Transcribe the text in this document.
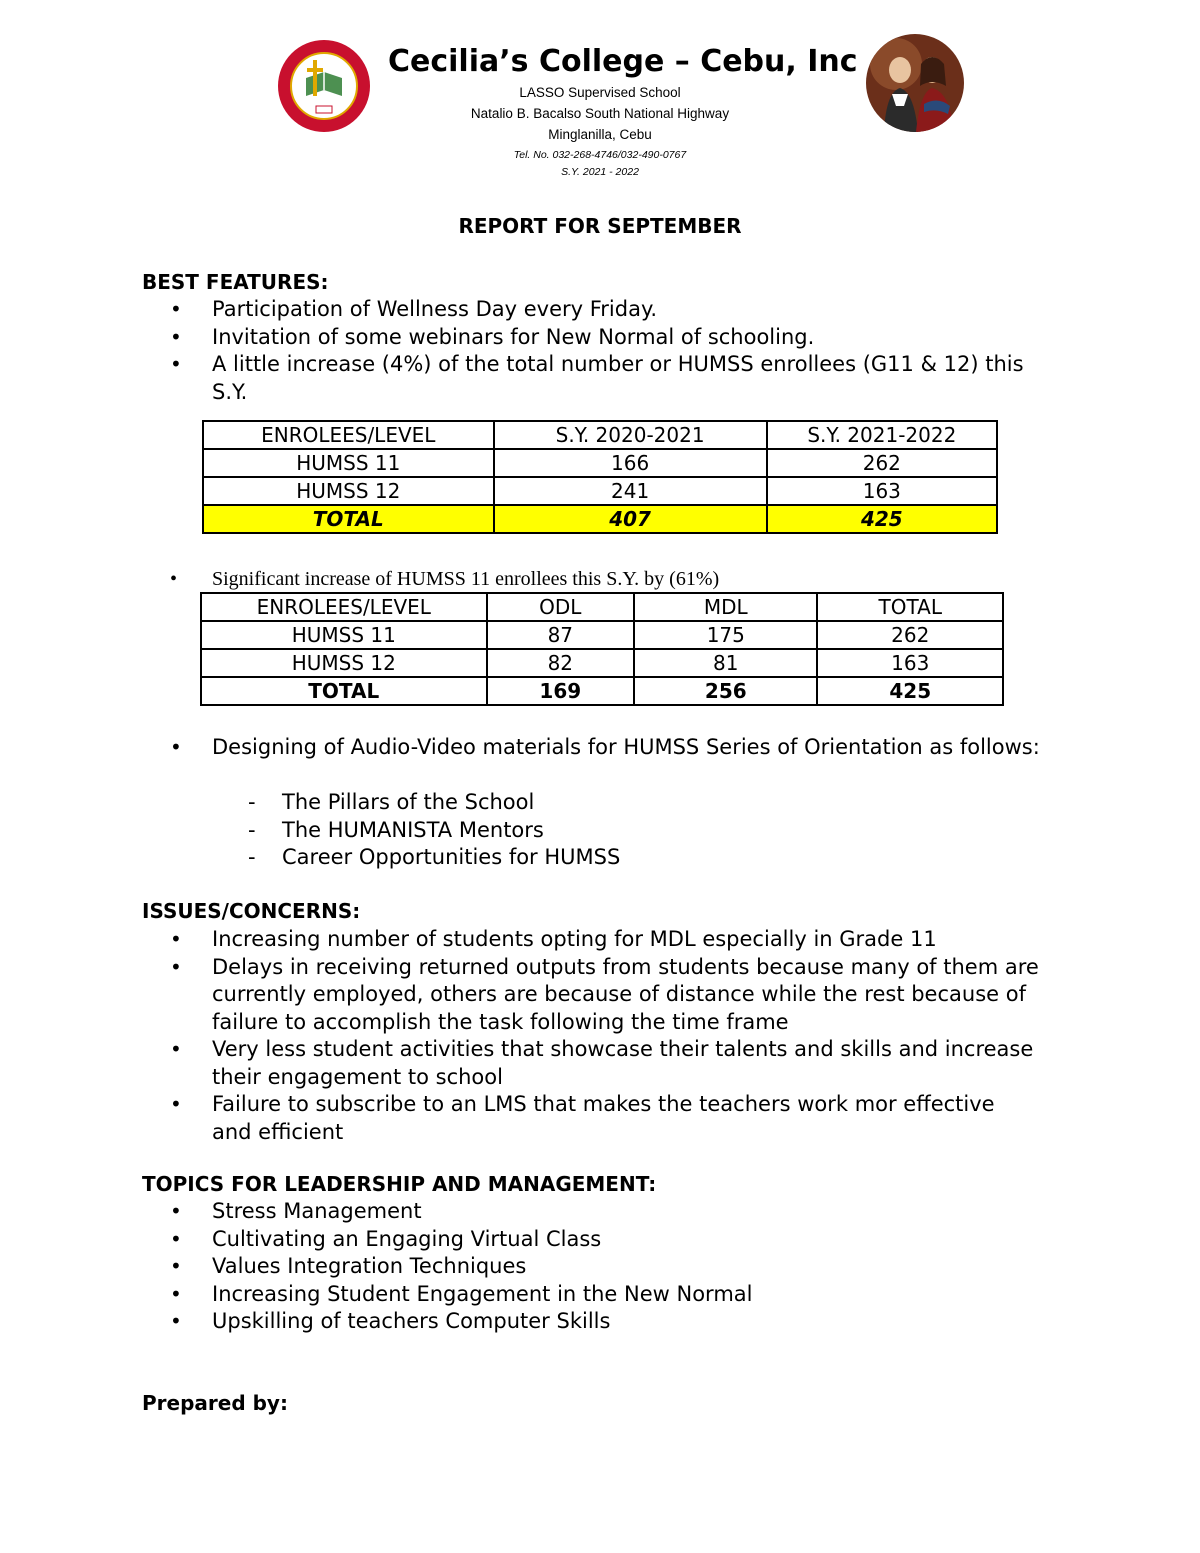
Cecilia’s College – Cebu, Inc
LASSO Supervised School
Natalio B. Bacalso South National Highway
Minglanilla, Cebu
Tel. No. 032-268-4746/032-490-0767
S.Y. 2021 - 2022
REPORT FOR SEPTEMBER
BEST FEATURES:
• Participation of Wellness Day every Friday.
• Invitation of some webinars for New Normal of schooling.
• A little increase (4%) of the total number or HUMSS enrollees (G11 & 12) this S.Y.
ENROLEES/LEVEL	S.Y. 2020-2021	S.Y. 2021-2022
HUMSS 11	166	262
HUMSS 12	241	163
TOTAL	407	425
• Significant increase of HUMSS 11 enrollees this S.Y. by (61%)
ENROLEES/LEVEL	ODL	MDL	TOTAL
HUMSS 11	87	175	262
HUMSS 12	82	81	163
TOTAL	169	256	425
• Designing of Audio-Video materials for HUMSS Series of Orientation as follows:
- The Pillars of the School
- The HUMANISTA Mentors
- Career Opportunities for HUMSS
ISSUES/CONCERNS:
• Increasing number of students opting for MDL especially in Grade 11
• Delays in receiving returned outputs from students because many of them are currently employed, others are because of distance while the rest because of failure to accomplish the task following the time frame
• Very less student activities that showcase their talents and skills and increase their engagement to school
• Failure to subscribe to an LMS that makes the teachers work mor effective and efficient
TOPICS FOR LEADERSHIP AND MANAGEMENT:
• Stress Management
• Cultivating an Engaging Virtual Class
• Values Integration Techniques
• Increasing Student Engagement in the New Normal
• Upskilling of teachers Computer Skills
Prepared by:
